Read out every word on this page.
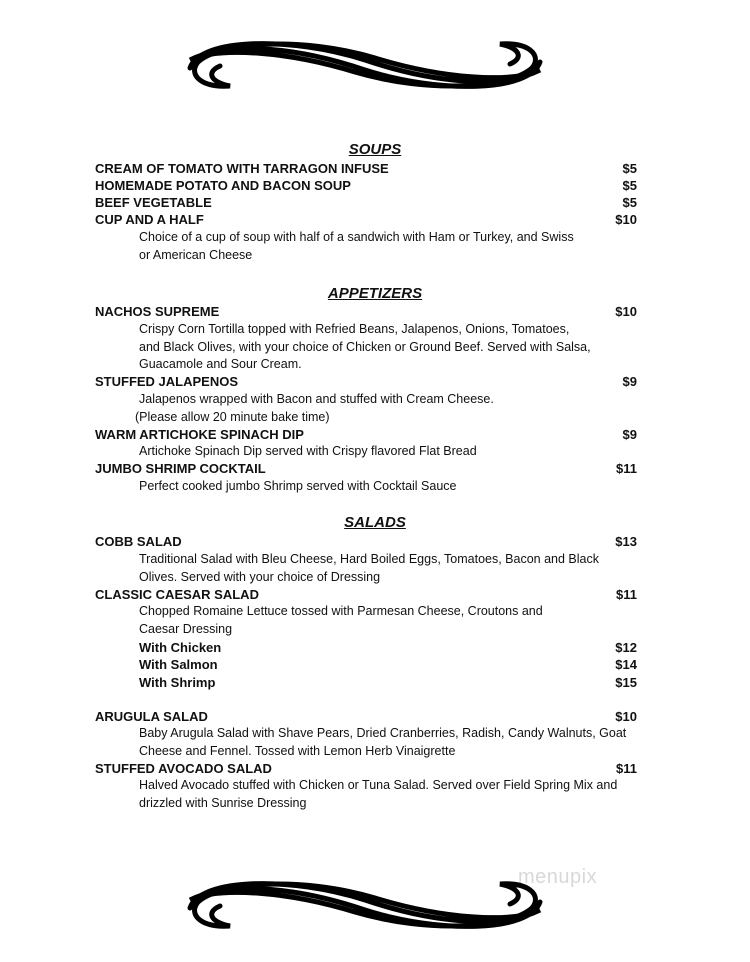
SOUPS
CREAM OF TOMATO WITH TARRAGON INFUSE	$5
HOMEMADE POTATO AND BACON SOUP	$5
BEEF VEGETABLE	$5
CUP AND A HALF	$10
Choice of a cup of soup with half of a sandwich with Ham or Turkey, and Swiss
or American Cheese
APPETIZERS
NACHOS SUPREME	$10
Crispy Corn Tortilla topped with Refried Beans, Jalapenos, Onions, Tomatoes,
and Black Olives, with your choice of Chicken or Ground Beef. Served with Salsa,
Guacamole and Sour Cream.
STUFFED JALAPENOS	$9
Jalapenos wrapped with Bacon and stuffed with Cream Cheese.
(Please allow 20 minute bake time)
WARM ARTICHOKE SPINACH DIP	$9
Artichoke Spinach Dip served with Crispy flavored Flat Bread
JUMBO SHRIMP COCKTAIL	$11
Perfect cooked jumbo Shrimp served with Cocktail Sauce
SALADS
COBB SALAD	$13
Traditional Salad with Bleu Cheese, Hard Boiled Eggs, Tomatoes, Bacon and Black
Olives. Served with your choice of Dressing
CLASSIC CAESAR SALAD	$11
Chopped Romaine Lettuce tossed with Parmesan Cheese, Croutons and
Caesar Dressing
With Chicken	$12
With Salmon	$14
With Shrimp	$15
ARUGULA SALAD	$10
Baby Arugula Salad with Shave Pears, Dried Cranberries, Radish, Candy Walnuts, Goat
Cheese and Fennel. Tossed with Lemon Herb Vinaigrette
STUFFED AVOCADO SALAD	$11
Halved Avocado stuffed with Chicken or Tuna Salad. Served over Field Spring Mix and
drizzled with Sunrise Dressing
menupix
